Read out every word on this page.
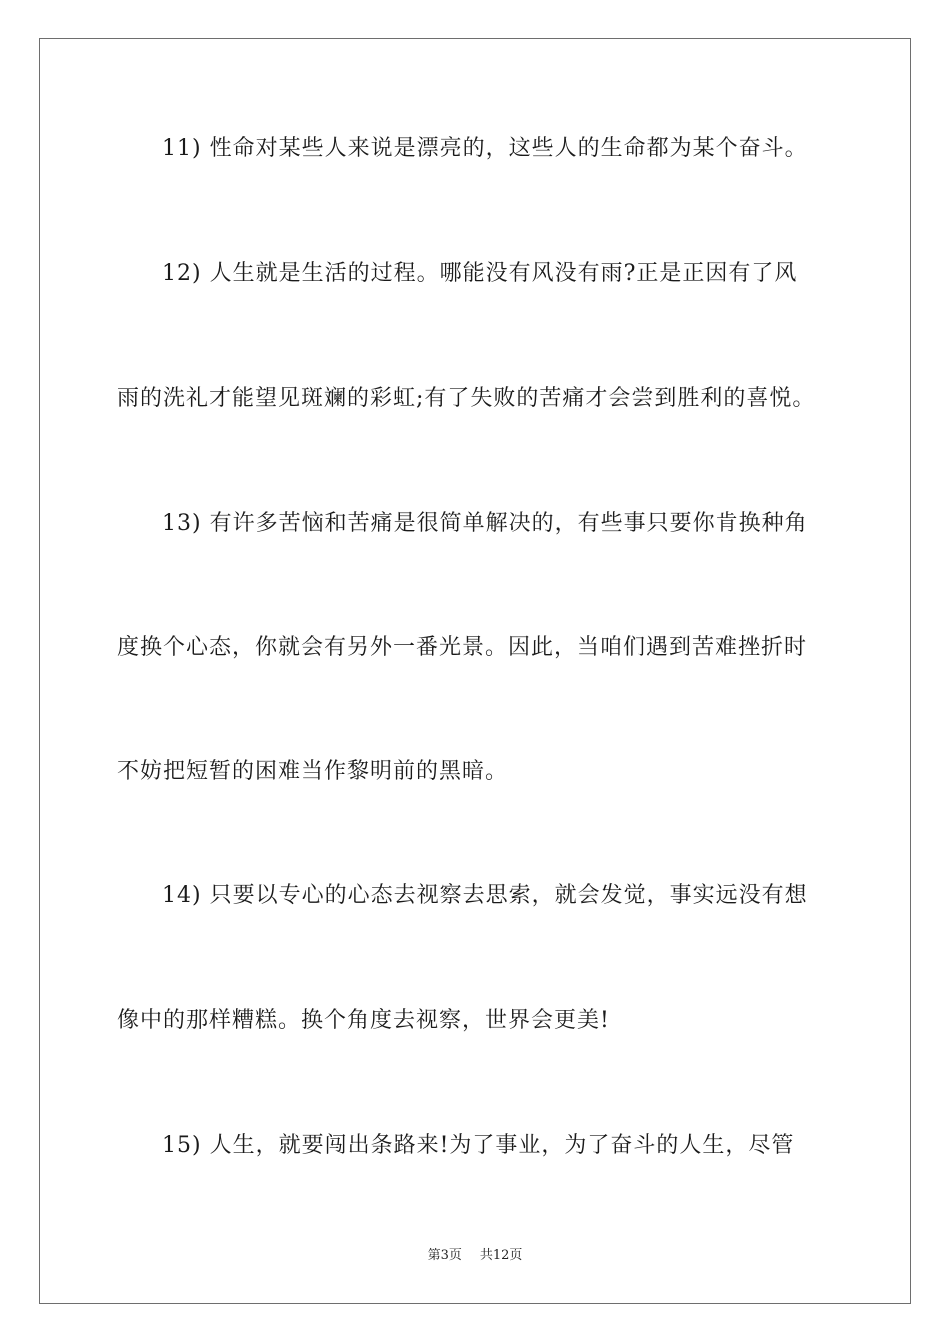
11) 性命对某些人来说是漂亮的，这些人的生命都为某个奋斗。
12) 人生就是生活的过程。哪能没有风没有雨?正是正因有了风
雨的洗礼才能望见斑斓的彩虹;有了失败的苦痛才会尝到胜利的喜悦。
13) 有许多苦恼和苦痛是很简单解决的，有些事只要你肯换种角
度换个心态，你就会有另外一番光景。因此，当咱们遇到苦难挫折时
不妨把短暂的困难当作黎明前的黑暗。
14) 只要以专心的心态去视察去思索，就会发觉，事实远没有想
像中的那样糟糕。换个角度去视察，世界会更美!
15) 人生，就要闯出条路来!为了事业，为了奋斗的人生，尽管
第3页 共12页
